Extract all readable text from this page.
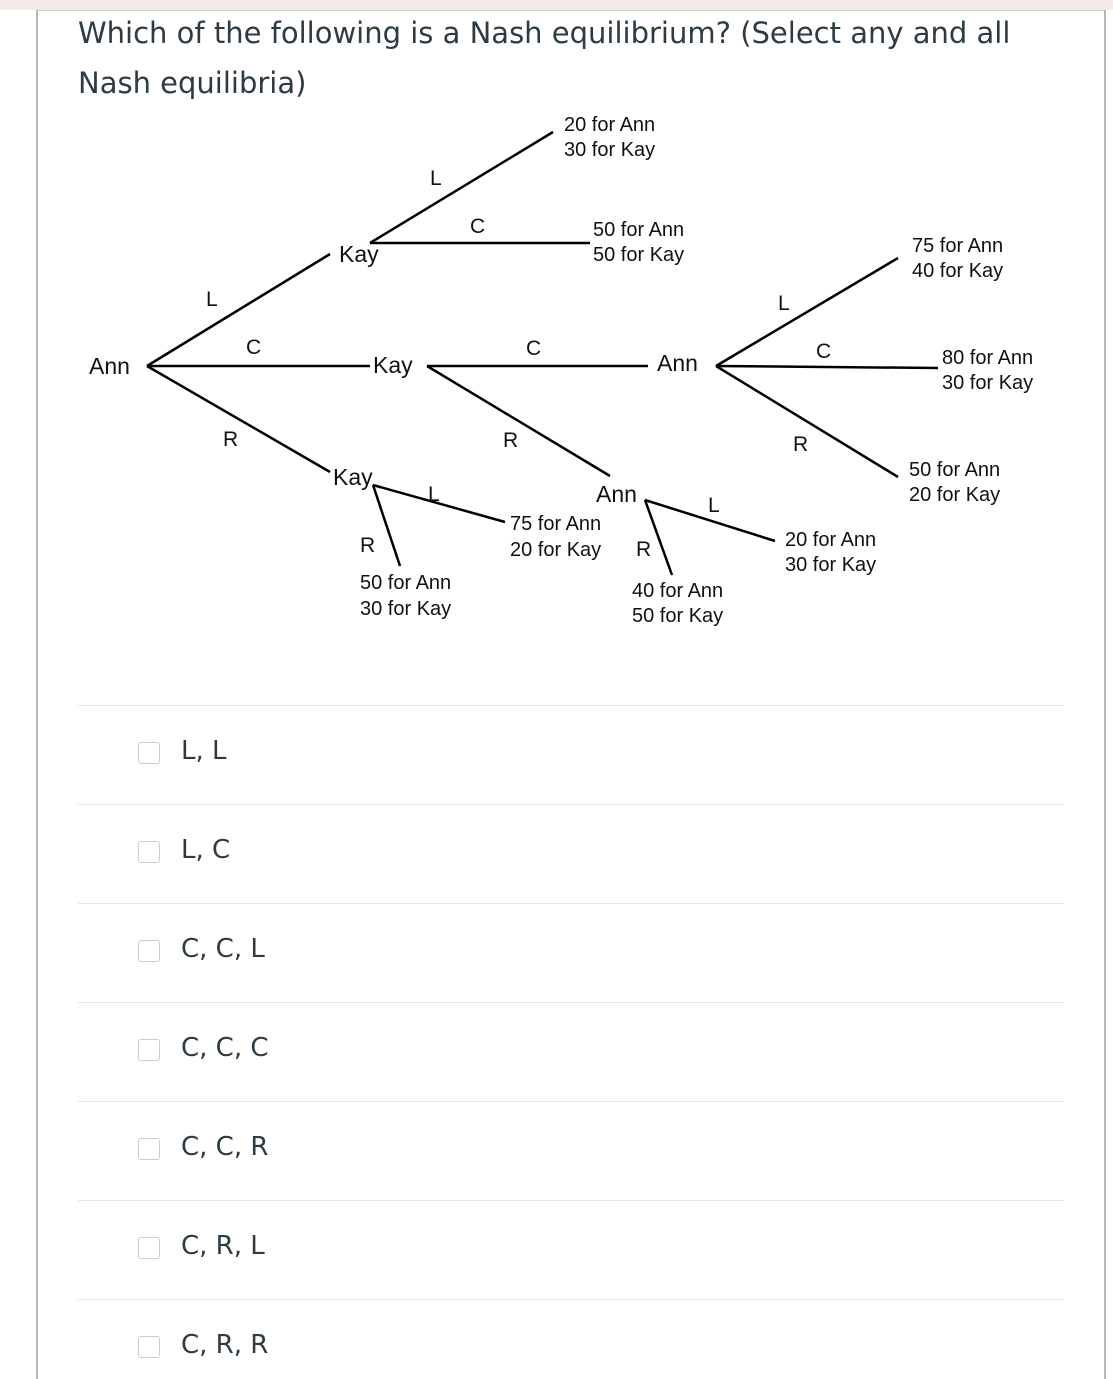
Which of the following is a Nash equilibrium? (Select any and all Nash equilibria)

Ann
Kay
Kay
Kay
Ann
Ann
L
C
R
L
C
C
R
L
C
R
L
R
L
R
20 for Ann
30 for Kay
50 for Ann
50 for Kay	75 for Ann
40 for Kay
80 for Ann
30 for Kay
50 for Ann
20 for Kay
20 for Ann
30 for Kay
75 for Ann
20 for Kay
50 for Ann
30 for Kay
40 for Ann
50 for Kay
L, L
L, C
C, C, L
C, C, C
C, C, R
C, R, L
C, R, R
